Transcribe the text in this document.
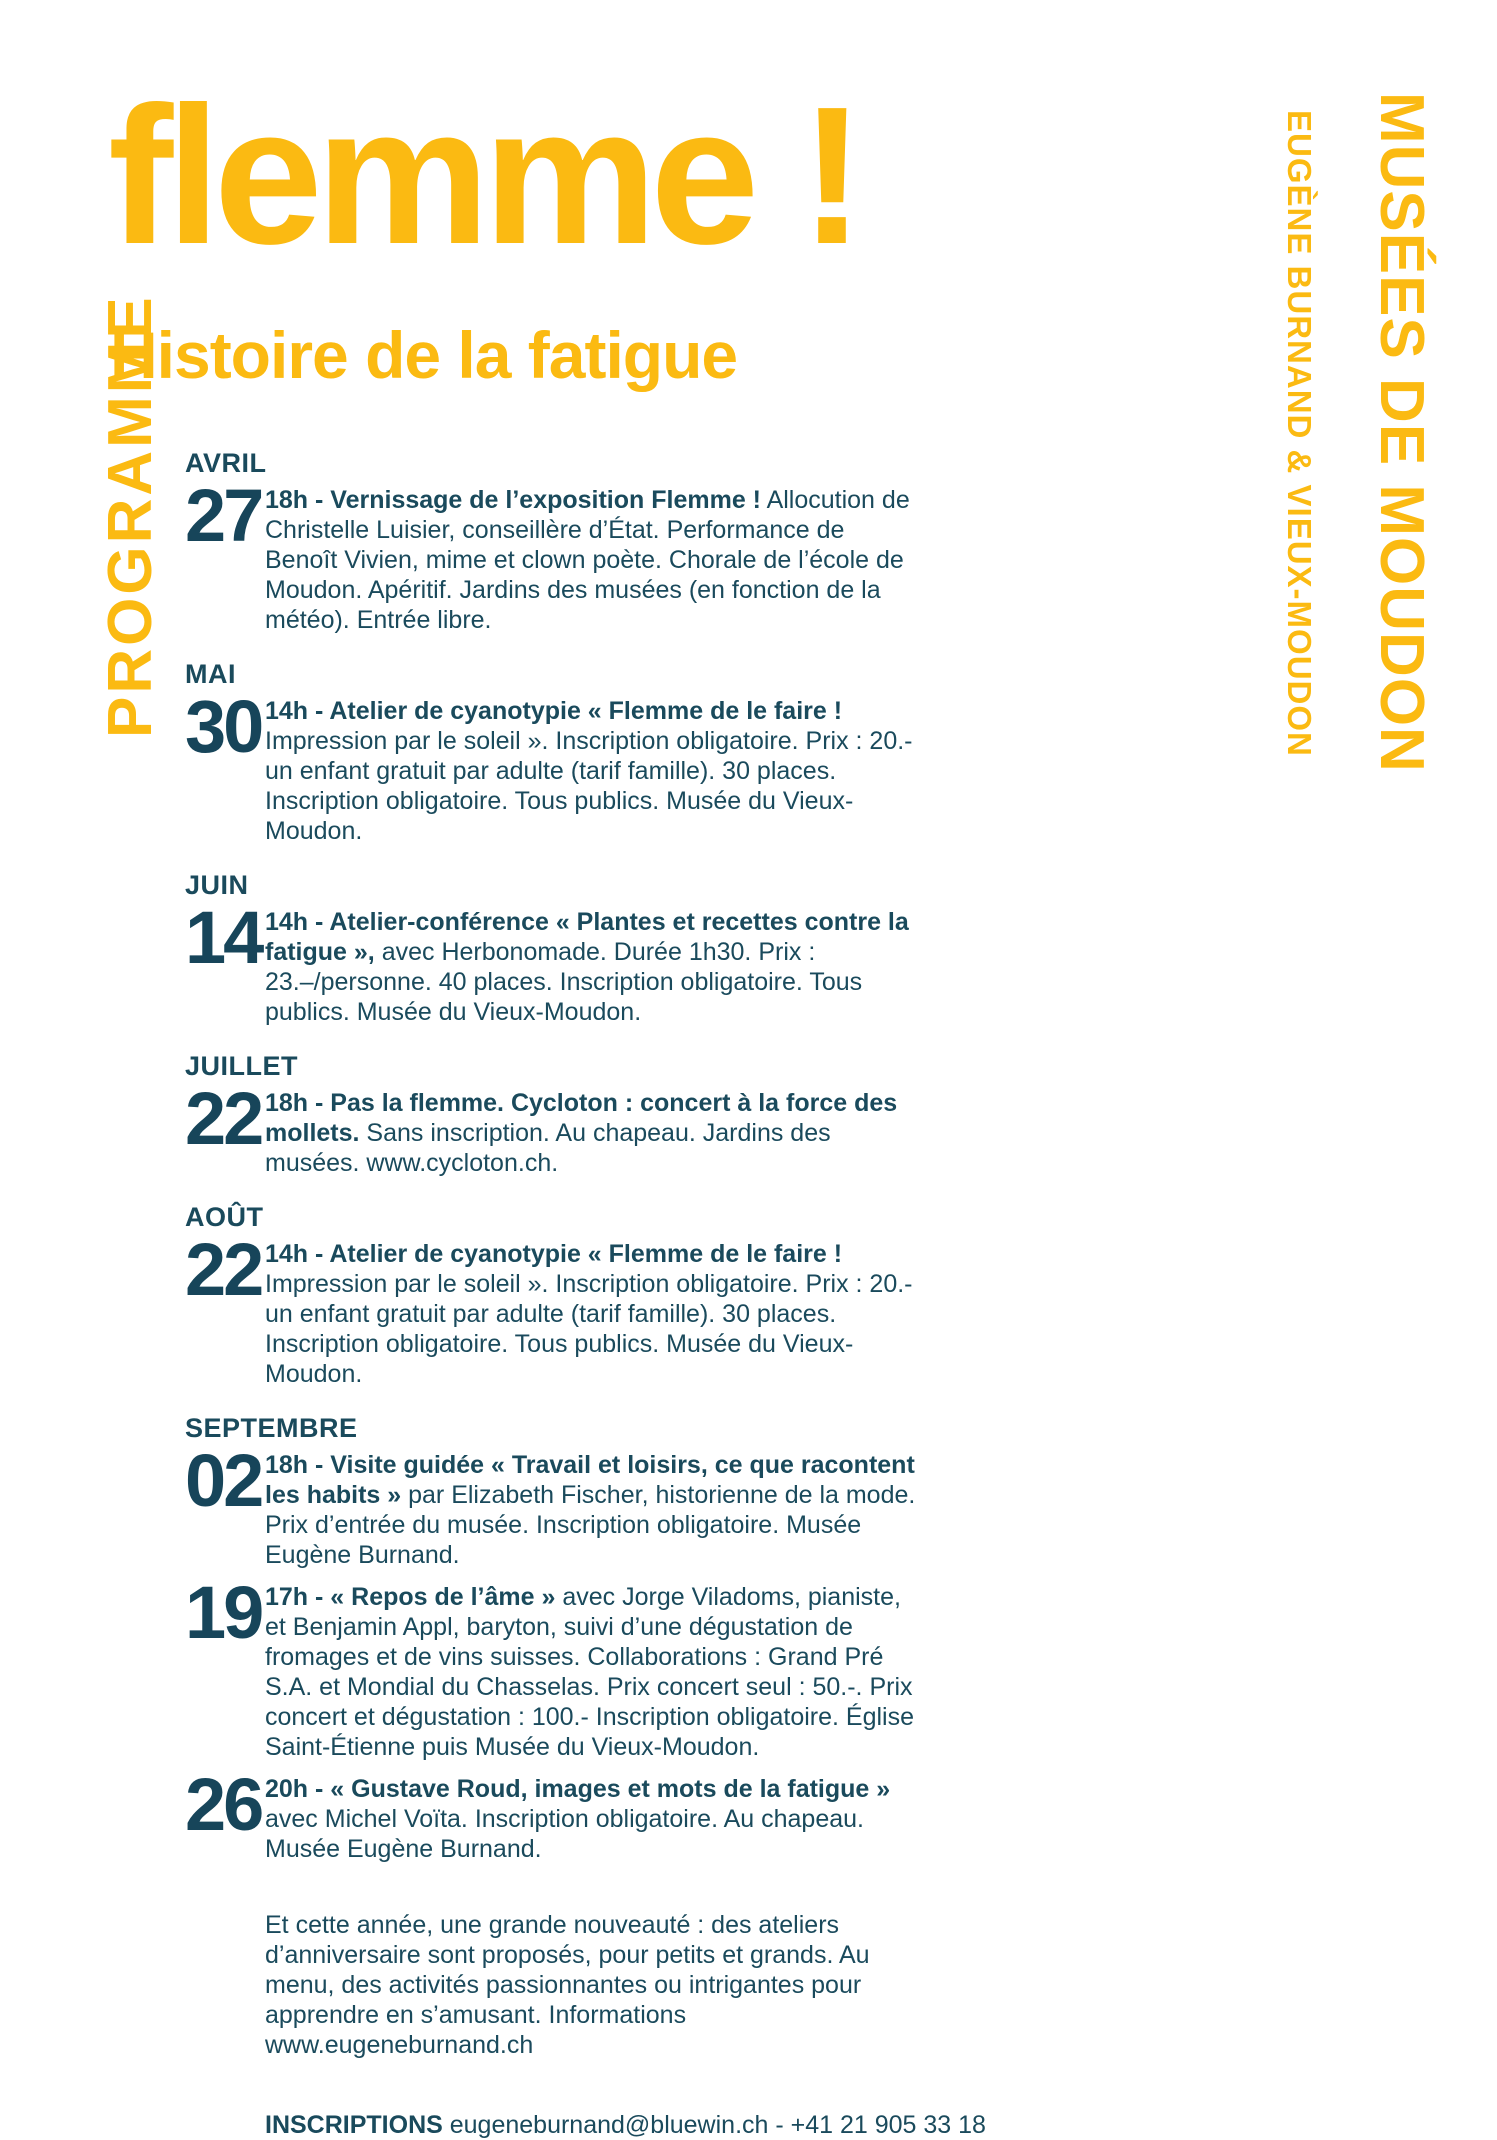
flemme !
Histoire de la fatigue
PROGRAMME	MUSÉES DE MOUDON
EUGÈNE BURNAND & VIEUX-MOUDON
AVRIL
27 18h - Vernissage de l’exposition Flemme ! Allocution de Christelle Luisier, conseillère d’État. Performance de Benoît Vivien, mime et clown poète. Chorale de l’école de Moudon. Apéritif. Jardins des musées (en fonction de la météo). Entrée libre.

MAI
30 14h - Atelier de cyanotypie « Flemme de le faire ! Impression par le soleil ». Inscription obligatoire. Prix : 20.- un enfant gratuit par adulte (tarif famille). 30 places. Inscription obligatoire. Tous publics. Musée du Vieux-Moudon.

JUIN
14 14h - Atelier-conférence « Plantes et recettes contre la fatigue », avec Herbonomade. Durée 1h30. Prix : 23.–/personne. 40 places. Inscription obligatoire. Tous publics. Musée du Vieux-Moudon.

JUILLET
22 18h - Pas la flemme. Cycloton : concert à la force des mollets. Sans inscription. Au chapeau. Jardins des musées. www.cycloton.ch.

AOÛT
22 14h - Atelier de cyanotypie « Flemme de le faire ! Impression par le soleil ». Inscription obligatoire. Prix : 20.- un enfant gratuit par adulte (tarif famille). 30 places. Inscription obligatoire. Tous publics. Musée du Vieux-Moudon.

SEPTEMBRE
02 18h - Visite guidée « Travail et loisirs, ce que racontent les habits » par Elizabeth Fischer, historienne de la mode. Prix d’entrée du musée. Inscription obligatoire. Musée Eugène Burnand.

19 17h - « Repos de l’âme » avec Jorge Viladoms, pianiste, et Benjamin Appl, baryton, suivi d’une dégustation de fromages et de vins suisses. Collaborations : Grand Pré S.A. et Mondial du Chasselas. Prix concert seul : 50.-. Prix concert et dégustation : 100.- Inscription obligatoire. Église Saint-Étienne puis Musée du Vieux-Moudon.

26 20h - « Gustave Roud, images et mots de la fatigue » avec Michel Voïta. Inscription obligatoire. Au chapeau. Musée Eugène Burnand.

Et cette année, une grande nouveauté : des ateliers d’anniversaire sont proposés, pour petits et grands. Au menu, des activités passionnantes ou intrigantes pour apprendre en s’amusant. Informations www.eugeneburnand.ch

INSCRIPTIONS eugeneburnand@bluewin.ch - +41 21 905 33 18
